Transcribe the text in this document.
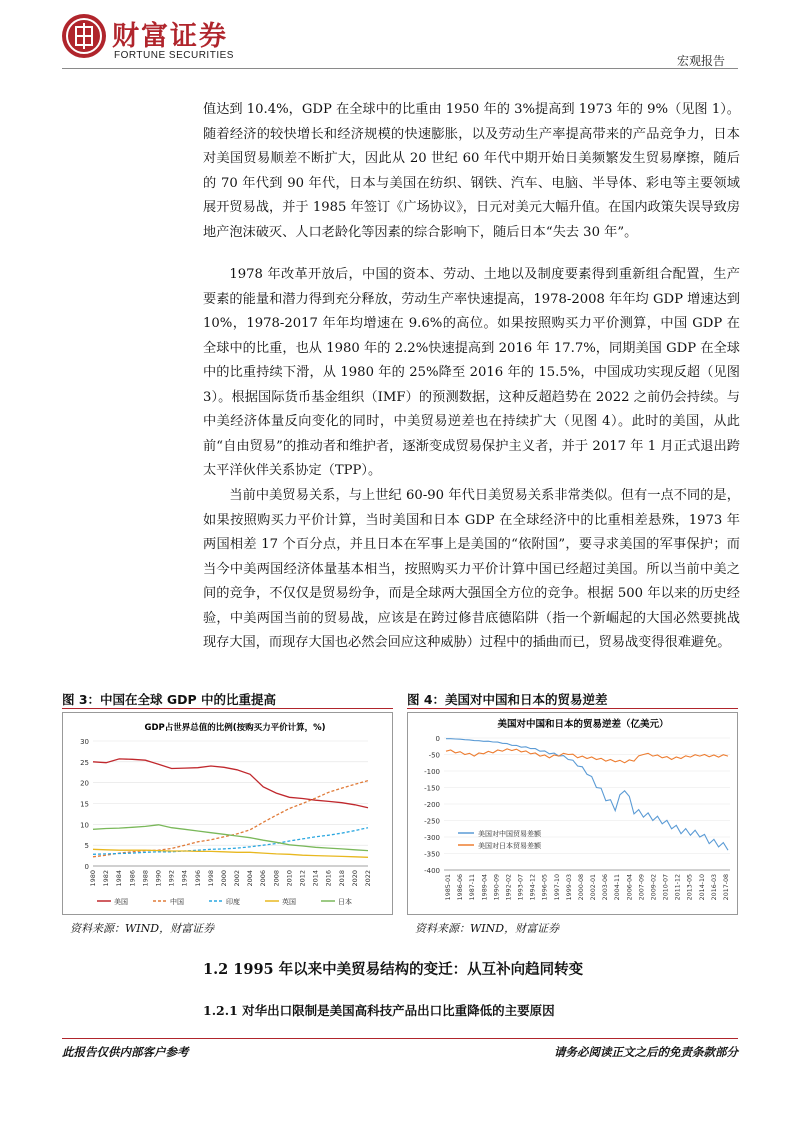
财富证券
FORTUNE SECURITIES	宏观报告

值达到 10.4%，GDP 在全球中的比重由 1950 年的 3%提高到 1973 年的 9%（见图 1）。随着经济的较快增长和经济规模的快速膨胀，以及劳动生产率提高带来的产品竞争力，日本对美国贸易顺差不断扩大，因此从 20 世纪 60 年代中期开始日美频繁发生贸易摩擦，随后的 70 年代到 90 年代，日本与美国在纺织、钢铁、汽车、电脑、半导体、彩电等主要领域展开贸易战，并于 1985 年签订《广场协议》，日元对美元大幅升值。在国内政策失误导致房地产泡沫破灭、人口老龄化等因素的综合影响下，随后日本“失去 30 年”。

1978 年改革开放后，中国的资本、劳动、土地以及制度要素得到重新组合配置，生产要素的能量和潜力得到充分释放，劳动生产率快速提高，1978-2008 年年均 GDP 增速达到 10%，1978-2017 年年均增速在 9.6%的高位。如果按照购买力平价测算，中国 GDP 在全球中的比重，也从 1980 年的 2.2%快速提高到 2016 年 17.7%，同期美国 GDP 在全球中的比重持续下滑，从 1980 年的 25%降至 2016 年的 15.5%，中国成功实现反超（见图 3）。根据国际货币基金组织（IMF）的预测数据，这种反超趋势在 2022 之前仍会持续。与中美经济体量反向变化的同时，中美贸易逆差也在持续扩大（见图 4）。此时的美国，从此前“自由贸易”的推动者和维护者，逐渐变成贸易保护主义者，并于 2017 年 1 月正式退出跨太平洋伙伴关系协定（TPP）。

当前中美贸易关系，与上世纪 60-90 年代日美贸易关系非常类似。但有一点不同的是，如果按照购买力平价计算，当时美国和日本 GDP 在全球经济中的比重相差悬殊，1973 年两国相差 17 个百分点，并且日本在军事上是美国的“依附国”，要寻求美国的军事保护；而当今中美两国经济体量基本相当，按照购买力平价计算中国已经超过美国。所以当前中美之间的竞争，不仅仅是贸易纷争，而是全球两大强国全方位的竞争。根据 500 年以来的历史经验，中美两国当前的贸易战，应该是在跨过修昔底德陷阱（指一个新崛起的大国必然要挑战现存大国，而现存大国也必然会回应这种威胁）过程中的插曲而已，贸易战变得很难避免。

图 3：中国在全球 GDP 中的比重提高
GDP占世界总值的比例(按购买力平价计算，%)
0
5
10
15
20
25
30
1980 1982 1984 1986 1988 1990 1992 1994 1996 1998 2000 2002 2004 2006 2008 2010 2012 2014 2016 2018 2020 2022
美国	中国	印度	英国	日本
资料来源：WIND，财富证券
图 4：美国对中国和日本的贸易逆差
美国对中国和日本的贸易逆差（亿美元）
0
-50
-100
-150
-200
-250
-300
-350
-400
1985-01 1986-06 1987-11 1989-04 1990-09 1992-02 1993-07 1994-12 1996-05 1997-10 1999-03 2000-08 2002-01 2003-06 2004-11 2006-04 2007-09 2009-02 2010-07 2011-12 2013-05 2014-10 2016-03 2017-08
美国对中国贸易差额
美国对日本贸易差额
资料来源：WIND，财富证券
1.2 1995 年以来中美贸易结构的变迁：从互补向趋同转变
1.2.1 对华出口限制是美国高科技产品出口比重降低的主要原因
此报告仅供内部客户参考	请务必阅读正文之后的免责条款部分
